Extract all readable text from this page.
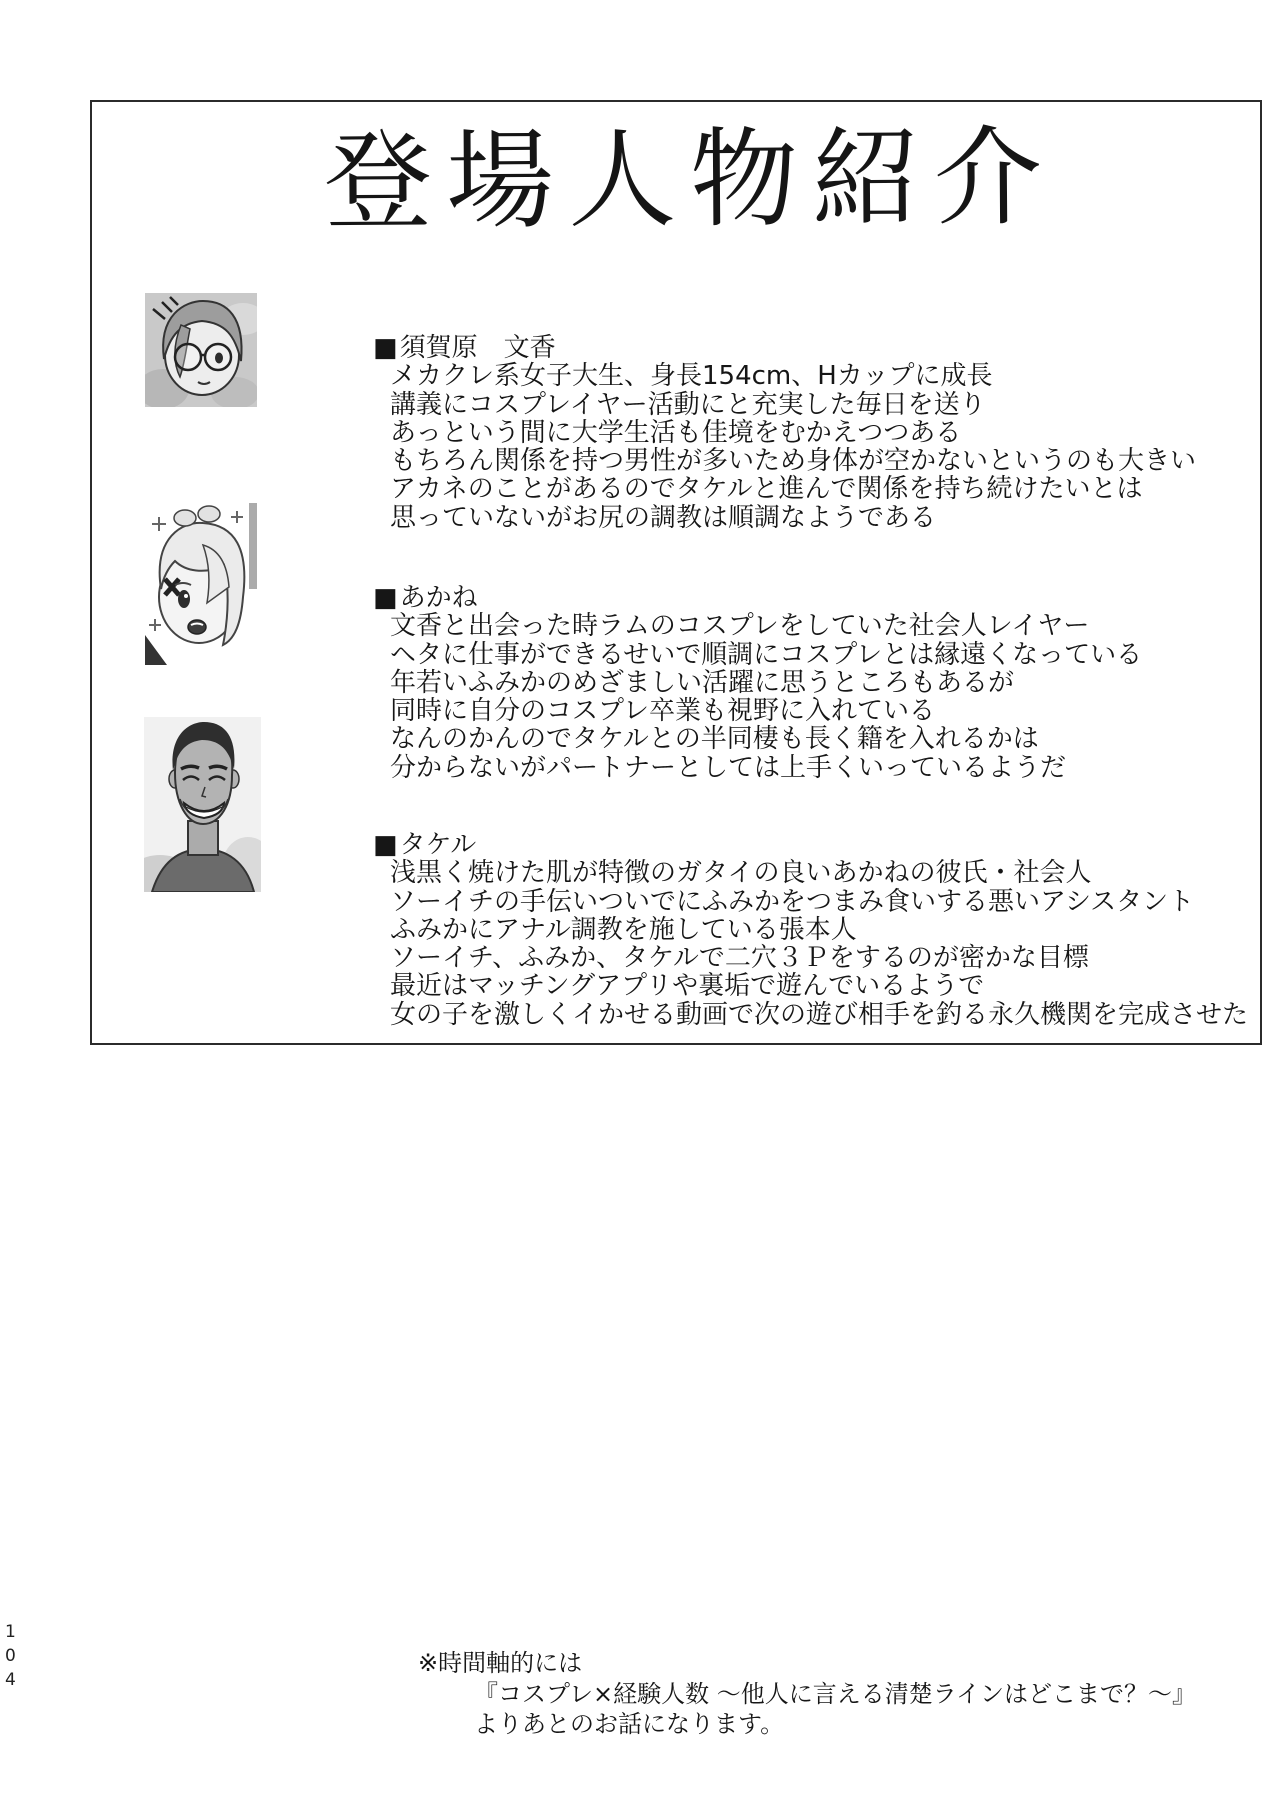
1
0
4
登場人物紹介
■須賀原　文香
メカクレ系女子大生、身長154cm、Hカップに成長
講義にコスプレイヤー活動にと充実した毎日を送り
あっという間に大学生活も佳境をむかえつつある
もちろん関係を持つ男性が多いため身体が空かないというのも大きい
アカネのことがあるのでタケルと進んで関係を持ち続けたいとは
思っていないがお尻の調教は順調なようである
■あかね
文香と出会った時ラムのコスプレをしていた社会人レイヤー
ヘタに仕事ができるせいで順調にコスプレとは縁遠くなっている
年若いふみかのめざましい活躍に思うところもあるが
同時に自分のコスプレ卒業も視野に入れている
なんのかんのでタケルとの半同棲も長く籍を入れるかは
分からないがパートナーとしては上手くいっているようだ
■タケル
浅黒く焼けた肌が特徴のガタイの良いあかねの彼氏・社会人
ソーイチの手伝いついでにふみかをつまみ食いする悪いアシスタント
ふみかにアナル調教を施している張本人
ソーイチ、ふみか、タケルで二穴３Ｐをするのが密かな目標
最近はマッチングアプリや裏垢で遊んでいるようで
女の子を激しくイかせる動画で次の遊び相手を釣る永久機関を完成させた
※時間軸的には
『コスプレ×経験人数 ～他人に言える清楚ラインはどこまで？～』
よりあとのお話になります。
